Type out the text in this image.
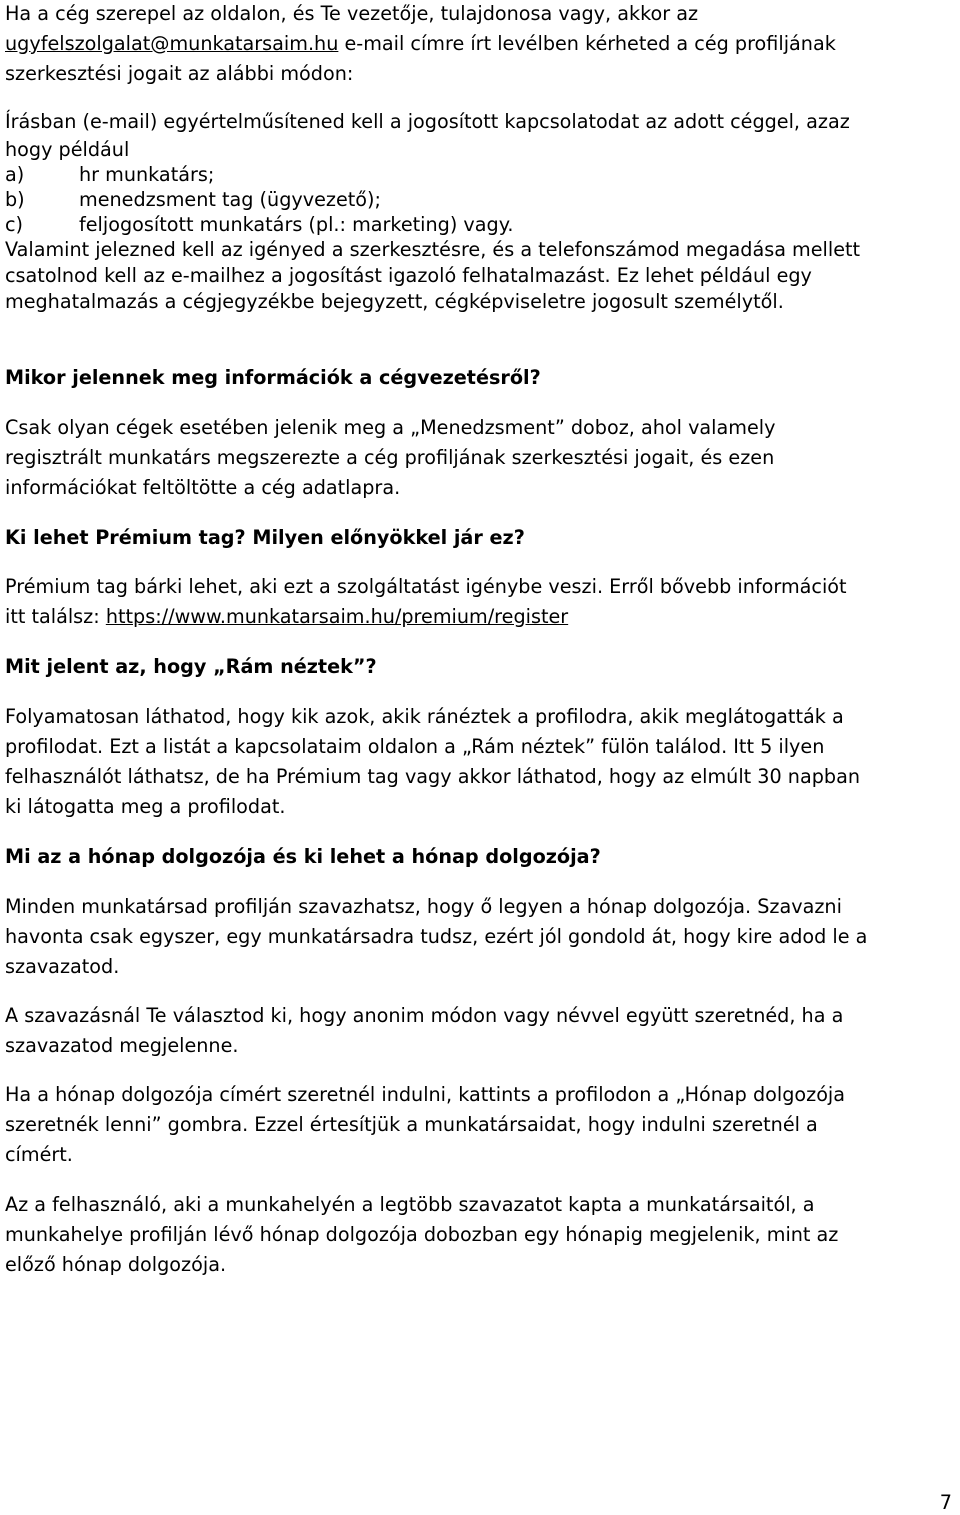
Ha a cég szerepel az oldalon, és Te vezetője, tulajdonosa vagy, akkor az
ugyfelszolgalat@munkatarsaim.hu e-mail címre írt levélben kérheted a cég profiljának
szerkesztési jogait az alábbi módon:
Írásban (e-mail) egyértelműsítened kell a jogosított kapcsolatodat az adott céggel, azaz
hogy például
a)	hr munkatárs;
b)	menedzsment tag (ügyvezető);
c)	feljogosított munkatárs (pl.: marketing) vagy.
Valamint jelezned kell az igényed a szerkesztésre, és a telefonszámod megadása mellett
csatolnod kell az e-mailhez a jogosítást igazoló felhatalmazást. Ez lehet például egy
meghatalmazás a cégjegyzékbe bejegyzett, cégképviseletre jogosult személytől.
Mikor jelennek meg információk a cégvezetésről?
Csak olyan cégek esetében jelenik meg a „Menedzsment” doboz, ahol valamely
regisztrált munkatárs megszerezte a cég profiljának szerkesztési jogait, és ezen
információkat feltöltötte a cég adatlapra.
Ki lehet Prémium tag? Milyen előnyökkel jár ez?
Prémium tag bárki lehet, aki ezt a szolgáltatást igénybe veszi. Erről bővebb információt
itt találsz: https://www.munkatarsaim.hu/premium/register
Mit jelent az, hogy „Rám néztek”?
Folyamatosan láthatod, hogy kik azok, akik ránéztek a profilodra, akik meglátogatták a
profilodat. Ezt a listát a kapcsolataim oldalon a „Rám néztek” fülön találod. Itt 5 ilyen
felhasználót láthatsz, de ha Prémium tag vagy akkor láthatod, hogy az elmúlt 30 napban
ki látogatta meg a profilodat.
Mi az a hónap dolgozója és ki lehet a hónap dolgozója?
Minden munkatársad profilján szavazhatsz, hogy ő legyen a hónap dolgozója. Szavazni
havonta csak egyszer, egy munkatársadra tudsz, ezért jól gondold át, hogy kire adod le a
szavazatod.
A szavazásnál Te választod ki, hogy anonim módon vagy névvel együtt szeretnéd, ha a
szavazatod megjelenne.
Ha a hónap dolgozója címért szeretnél indulni, kattints a profilodon a „Hónap dolgozója
szeretnék lenni” gombra. Ezzel értesítjük a munkatársaidat, hogy indulni szeretnél a
címért.
Az a felhasználó, aki a munkahelyén a legtöbb szavazatot kapta a munkatársaitól, a
munkahelye profilján lévő hónap dolgozója dobozban egy hónapig megjelenik, mint az
előző hónap dolgozója.
7
